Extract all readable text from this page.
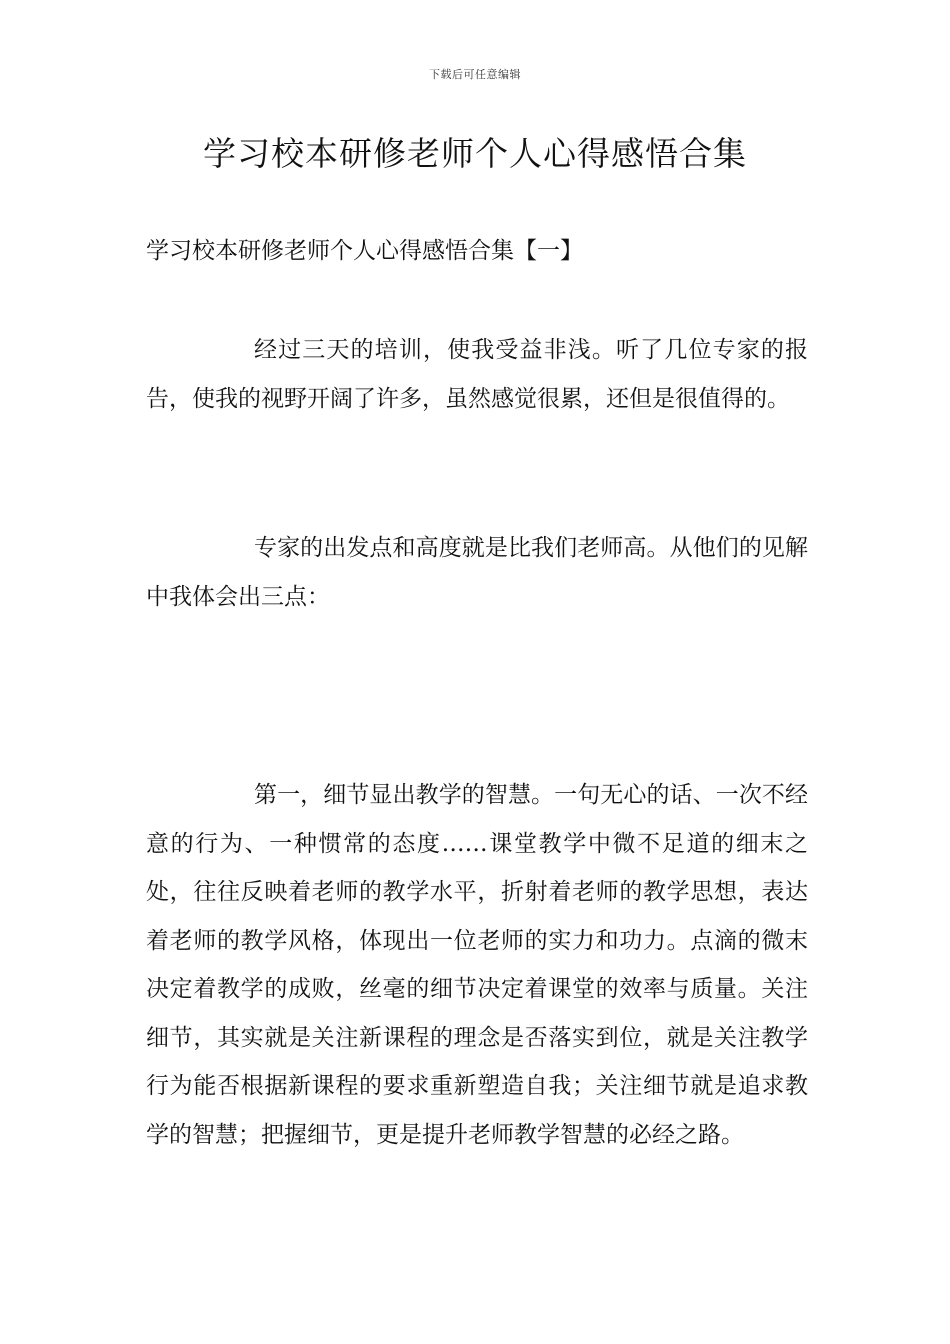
下载后可任意编辑
学习校本研修老师个人心得感悟合集
学习校本研修老师个人心得感悟合集【一】

经过三天的培训，使我受益非浅。听了几位专家的报告，使我的视野开阔了许多，虽然感觉很累，还但是很值得的。

专家的出发点和高度就是比我们老师高。从他们的见解中我体会出三点：

第一，细节显出教学的智慧。一句无心的话、一次不经意的行为、一种惯常的态度……课堂教学中微不足道的细末之处，往往反映着老师的教学水平，折射着老师的教学思想，表达着老师的教学风格，体现出一位老师的实力和功力。点滴的微末决定着教学的成败，丝毫的细节决定着课堂的效率与质量。关注细节，其实就是关注新课程的理念是否落实到位，就是关注教学行为能否根据新课程的要求重新塑造自我；关注细节就是追求教学的智慧；把握细节，更是提升老师教学智慧的必经之路。
